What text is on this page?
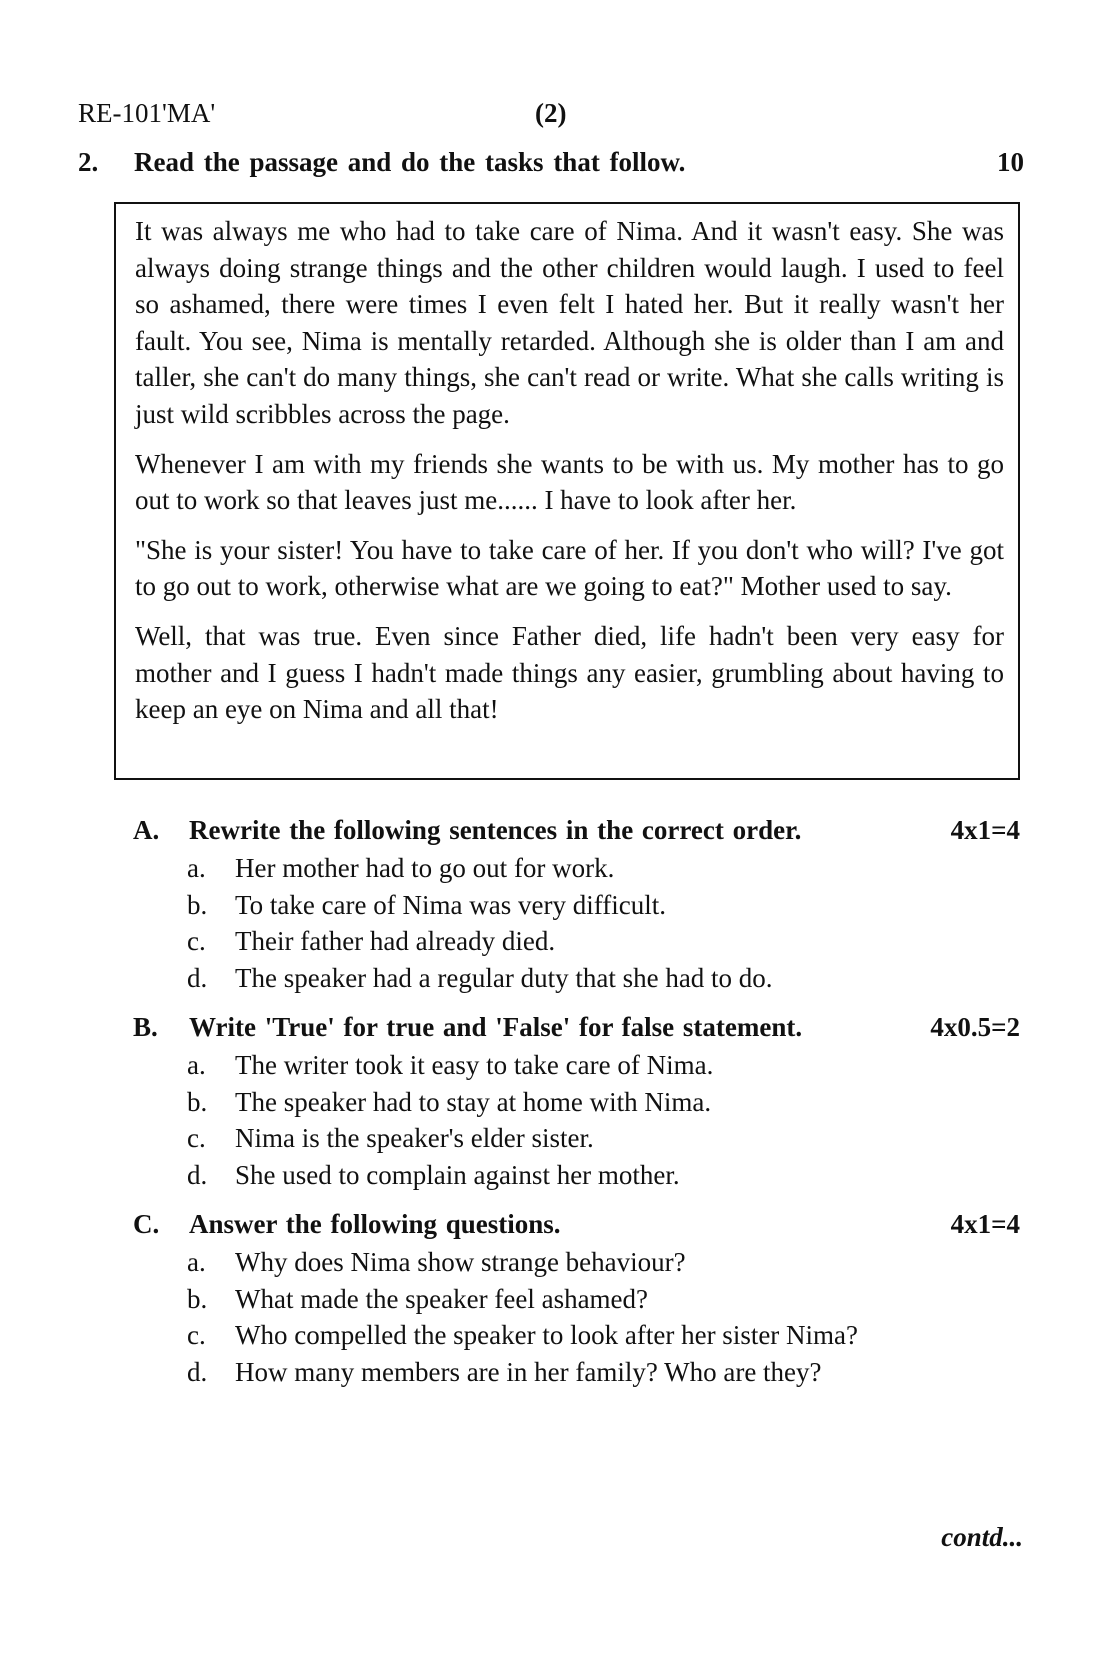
RE-101'MA'	(2)
2. Read the passage and do the tasks that follow.	10

It was always me who had to take care of Nima. And it wasn't easy. She was always doing strange things and the other children would laugh. I used to feel so ashamed, there were times I even felt I hated her. But it really wasn't her fault. You see, Nima is mentally retarded. Although she is older than I am and taller, she can't do many things, she can't read or write. What she calls writing is just wild scribbles across the page.

Whenever I am with my friends she wants to be with us. My mother has to go out to work so that leaves just me...... I have to look after her.

"She is your sister! You have to take care of her. If you don't who will? I've got to go out to work, otherwise what are we going to eat?" Mother used to say.

Well, that was true. Even since Father died, life hadn't been very easy for mother and I guess I hadn't made things any easier, grumbling about having to keep an eye on Nima and all that!

A. Rewrite the following sentences in the correct order.	4x1=4
a. Her mother had to go out for work.
b. To take care of Nima was very difficult.
c. Their father had already died.
d. The speaker had a regular duty that she had to do.
B. Write 'True' for true and 'False' for false statement.	4x0.5=2
a. The writer took it easy to take care of Nima.
b. The speaker had to stay at home with Nima.
c. Nima is the speaker's elder sister.
d. She used to complain against her mother.
C. Answer the following questions.	4x1=4
a. Why does Nima show strange behaviour?
b. What made the speaker feel ashamed?
c. Who compelled the speaker to look after her sister Nima?
d. How many members are in her family? Who are they?
contd...
